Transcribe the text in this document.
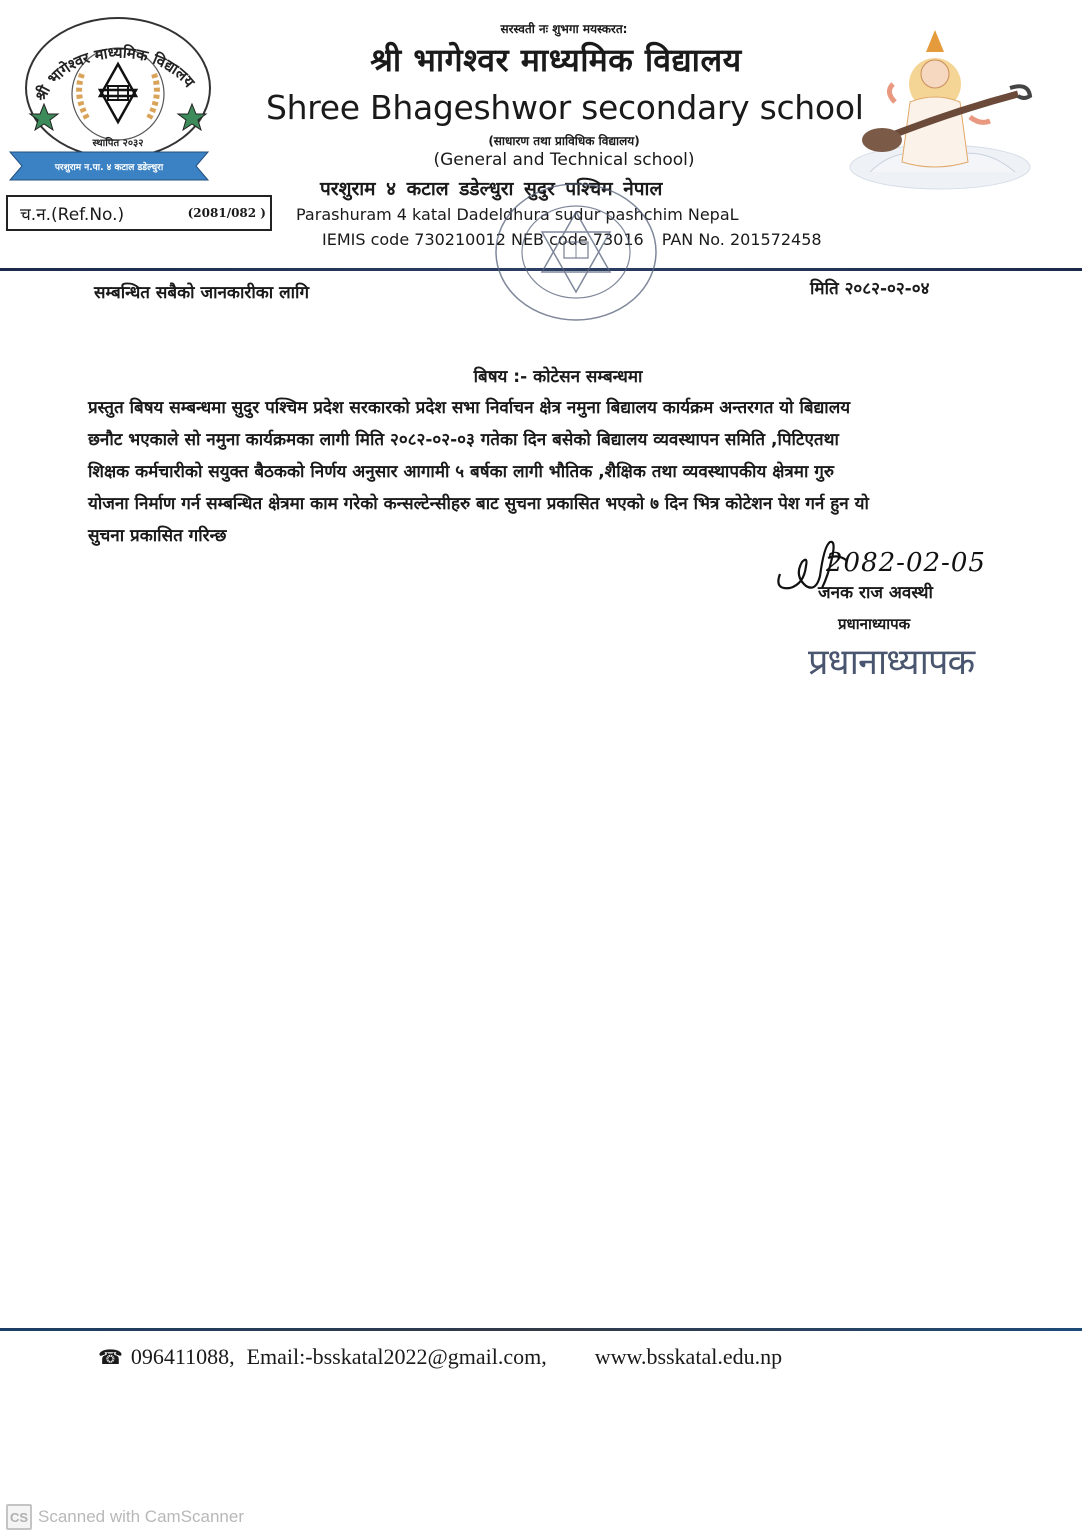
श्री भागेश्वर माध्यमिक विद्यालय
स्थापित २०३२
परशुराम न.पा. ४ कटाल डडेल्धुरा
च.न.(Ref.No.)	(2081/082 )
सरस्वती नः शुभगा मयस्करत:
श्री भागेश्वर माध्यमिक विद्यालय
Shree Bhageshwor secondary school
(साधारण तथा प्राविधिक विद्यालय)
(General and Technical school)
परशुराम ४ कटाल डडेल्धुरा सुदुर पश्चिम नेपाल
Parashuram 4 katal Dadeldhura sudur pashchim NepaL
IEMIS code 730210012 NEB code 73016 PAN No. 201572458
सम्बन्धित सबैको जानकारीका लागि	मिति २०८२-०२-०४
बिषय :- कोटेसन सम्बन्धमा
प्रस्तुत बिषय सम्बन्धमा सुदुर पश्चिम प्रदेश सरकारको प्रदेश सभा निर्वाचन क्षेत्र नमुना बिद्यालय कार्यक्रम अन्तरगत यो बिद्यालय
छनौट भएकाले सो नमुना कार्यक्रमका लागी मिति २०८२-०२-०३ गतेका दिन बसेको बिद्यालय व्यवस्थापन समिति ,पिटिएतथा
शिक्षक कर्मचारीको सयुक्त बैठकको निर्णय अनुसार आगामी ५ बर्षका लागी भौतिक ,शैक्षिक तथा व्यवस्थापकीय क्षेत्रमा गुरु
योजना निर्माण गर्न सम्बन्धित क्षेत्रमा काम गरेको कन्सल्टेन्सीहरु बाट सुचना प्रकासित भएको ७ दिन भित्र कोटेशन पेश गर्न हुन यो
सुचना प्रकासित गरिन्छ
2082-02-05
जनक राज अवस्थी
प्रधानाध्यापक
प्रधानाध्यापक
☎ 096411088, Email:-bsskatal2022@gmail.com, www.bsskatal.edu.np
CS Scanned with CamScanner
